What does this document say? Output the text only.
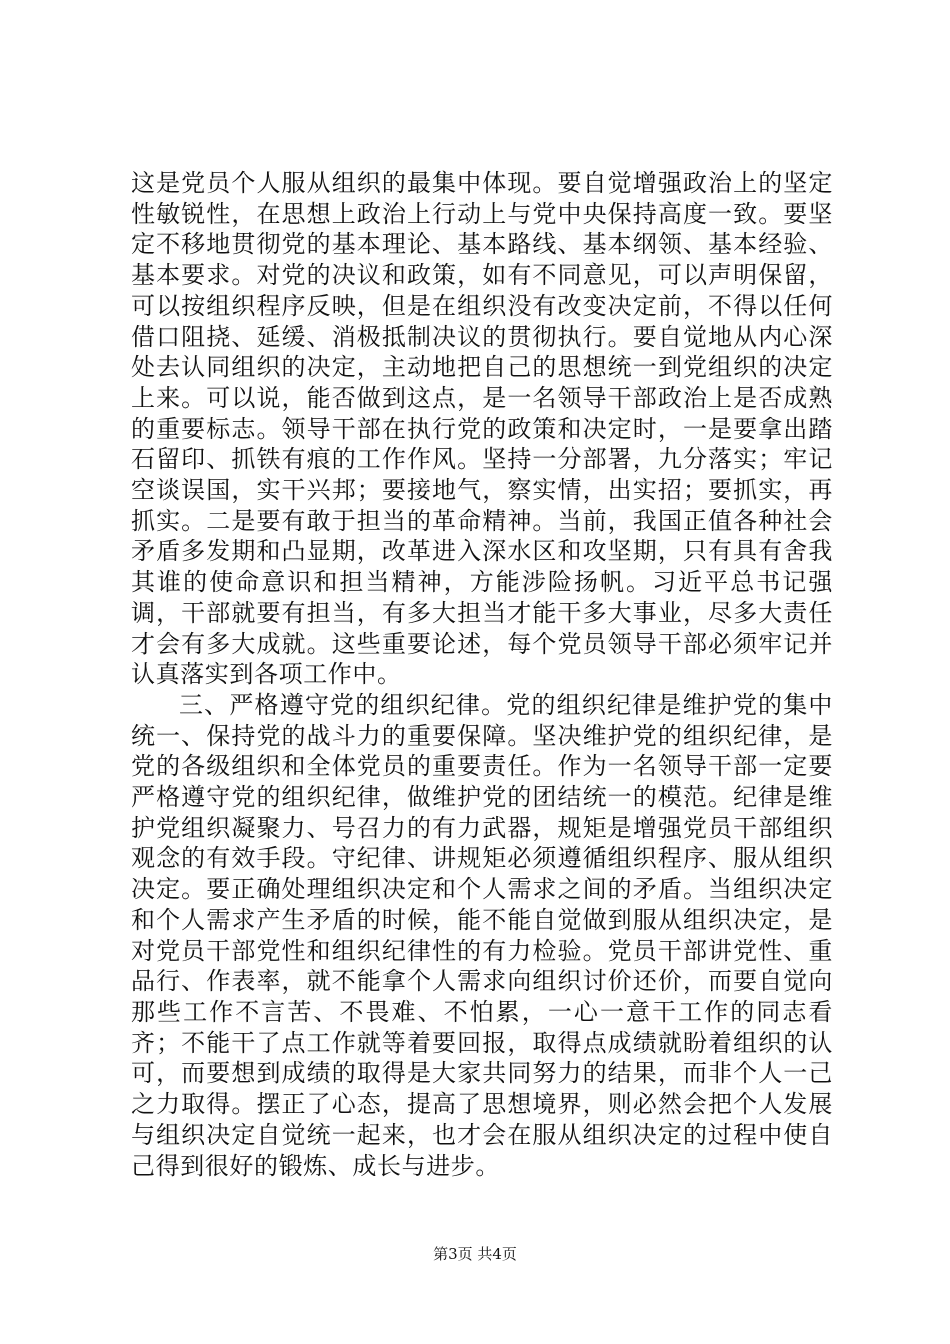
这是党员个人服从组织的最集中体现。要自觉增强政治上的坚定性敏锐性，在思想上政治上行动上与党中央保持高度一致。要坚定不移地贯彻党的基本理论、基本路线、基本纲领、基本经验、基本要求。对党的决议和政策，如有不同意见，可以声明保留，可以按组织程序反映，但是在组织没有改变决定前，不得以任何借口阻挠、延缓、消极抵制决议的贯彻执行。要自觉地从内心深处去认同组织的决定，主动地把自己的思想统一到党组织的决定上来。可以说，能否做到这点，是一名领导干部政治上是否成熟的重要标志。领导干部在执行党的政策和决定时，一是要拿出踏石留印、抓铁有痕的工作作风。坚持一分部署，九分落实；牢记空谈误国，实干兴邦；要接地气，察实情，出实招；要抓实，再抓实。二是要有敢于担当的革命精神。当前，我国正值各种社会矛盾多发期和凸显期，改革进入深水区和攻坚期，只有具有舍我其谁的使命意识和担当精神，方能涉险扬帆。习近平总书记强调，干部就要有担当，有多大担当才能干多大事业，尽多大责任才会有多大成就。这些重要论述，每个党员领导干部必须牢记并认真落实到各项工作中。

三、严格遵守党的组织纪律。党的组织纪律是维护党的集中统一、保持党的战斗力的重要保障。坚决维护党的组织纪律，是党的各级组织和全体党员的重要责任。作为一名领导干部一定要严格遵守党的组织纪律，做维护党的团结统一的模范。纪律是维护党组织凝聚力、号召力的有力武器，规矩是增强党员干部组织观念的有效手段。守纪律、讲规矩必须遵循组织程序、服从组织决定。要正确处理组织决定和个人需求之间的矛盾。当组织决定和个人需求产生矛盾的时候，能不能自觉做到服从组织决定，是对党员干部党性和组织纪律性的有力检验。党员干部讲党性、重品行、作表率，就不能拿个人需求向组织讨价还价，而要自觉向那些工作不言苦、不畏难、不怕累，一心一意干工作的同志看齐；不能干了点工作就等着要回报，取得点成绩就盼着组织的认可，而要想到成绩的取得是大家共同努力的结果，而非个人一己之力取得。摆正了心态，提高了思想境界，则必然会把个人发展与组织决定自觉统一起来，也才会在服从组织决定的过程中使自己得到很好的锻炼、成长与进步。

第3页 共4页
